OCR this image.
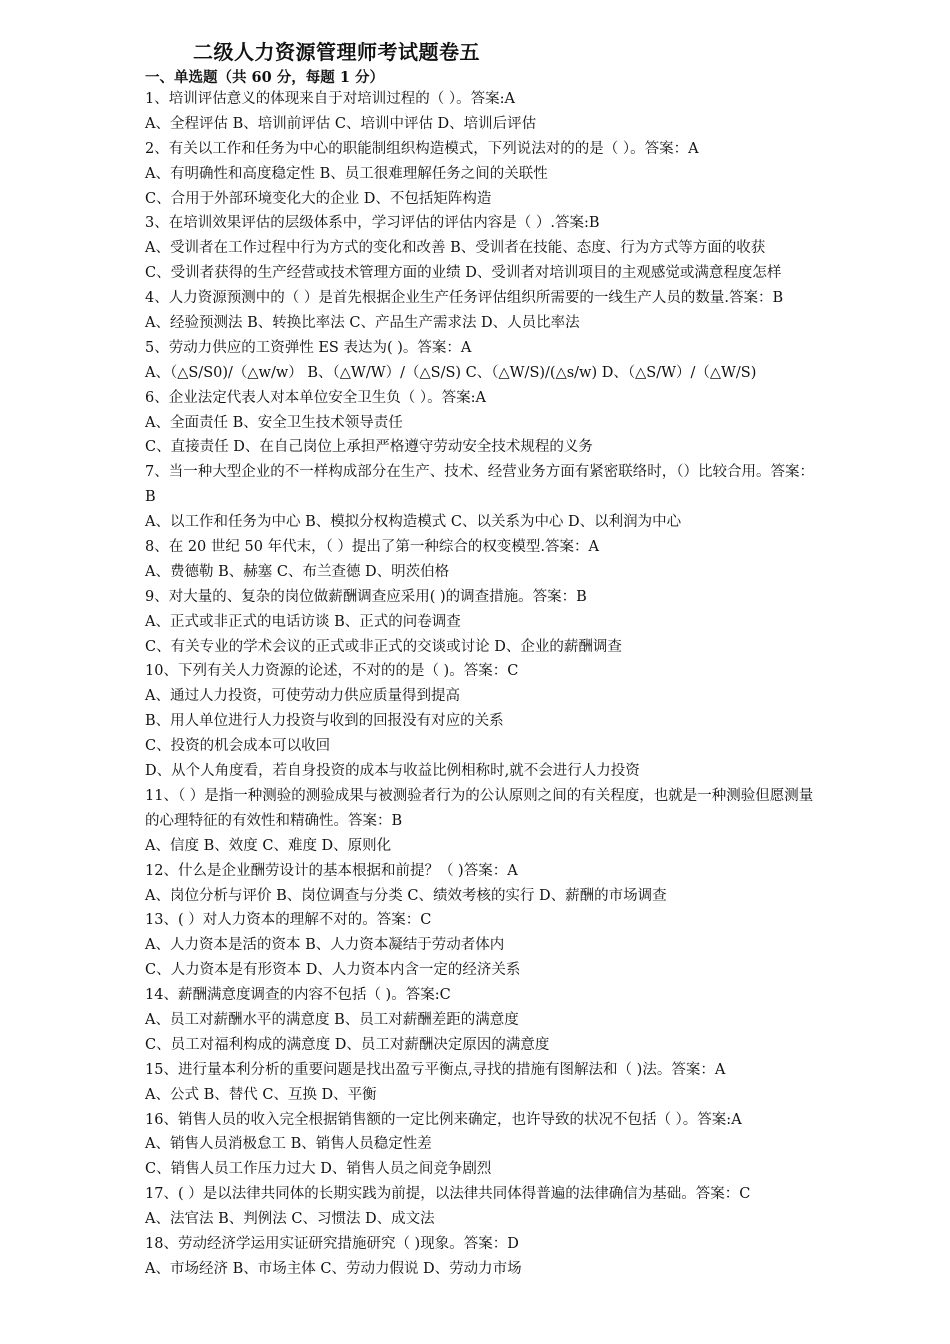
二级人力资源管理师考试题卷五
一、单选题（共 60 分，每题 1 分）
1、培训评估意义的体现来自于对培训过程的（ ）。答案:A
A、全程评估 B、培训前评估 C、培训中评估 D、培训后评估
2、有关以工作和任务为中心的职能制组织构造模式，下列说法对的的是（ ）。答案：A
A、有明确性和高度稳定性 B、员工很难理解任务之间的关联性
C、合用于外部环境变化大的企业 D、不包括矩阵构造
3、在培训效果评估的层级体系中，学习评估的评估内容是（ ）.答案:B
A、受训者在工作过程中行为方式的变化和改善 B、受训者在技能、态度、行为方式等方面的收获
C、受训者获得的生产经营或技术管理方面的业绩 D、受训者对培训项目的主观感觉或满意程度怎样
4、人力资源预测中的（ ）是首先根据企业生产任务评估组织所需要的一线生产人员的数量.答案：B
A、经验预测法 B、转换比率法 C、产品生产需求法 D、人员比率法
5、劳动力供应的工资弹性 ES 表达为( )。答案：A
A、（△S/S0)/（△w/w） B、（△W/W）/（△S/S) C、（△W/S)/(△s/w) D、（△S/W）/（△W/S)
6、企业法定代表人对本单位安全卫生负（ ）。答案:A
A、全面责任 B、安全卫生技术领导责任
C、直接责任 D、在自己岗位上承担严格遵守劳动安全技术规程的义务
7、当一种大型企业的不一样构成部分在生产、技术、经营业务方面有紧密联络时，（）比较合用。答案：
B
A、以工作和任务为中心 B、模拟分权构造模式 C、以关系为中心 D、以利润为中心
8、在 20 世纪 50 年代末，（ ）提出了第一种综合的权变模型.答案：A
A、费德勒 B、赫塞 C、布兰查德 D、明茨伯格
9、对大量的、复杂的岗位做薪酬调查应采用( )的调查措施。答案：B
A、正式或非正式的电话访谈 B、正式的问卷调查
C、有关专业的学术会议的正式或非正式的交谈或讨论 D、企业的薪酬调查
10、下列有关人力资源的论述，不对的的是（ )。答案：C
A、通过人力投资，可使劳动力供应质量得到提高
B、用人单位进行人力投资与收到的回报没有对应的关系
C、投资的机会成本可以收回
D、从个人角度看，若自身投资的成本与收益比例相称时,就不会进行人力投资
11、（ ）是指一种测验的测验成果与被测验者行为的公认原则之间的有关程度，也就是一种测验但愿测量
的心理特征的有效性和精确性。答案：B
A、信度 B、效度 C、难度 D、原则化
12、什么是企业酬劳设计的基本根据和前提？（ )答案：A
A、岗位分析与评价 B、岗位调查与分类 C、绩效考核的实行 D、薪酬的市场调查
13、( ）对人力资本的理解不对的。答案：C
A、人力资本是活的资本 B、人力资本凝结于劳动者体内
C、人力资本是有形资本 D、人力资本内含一定的经济关系
14、薪酬满意度调查的内容不包括（ )。答案:C
A、员工对薪酬水平的满意度 B、员工对薪酬差距的满意度
C、员工对福利构成的满意度 D、员工对薪酬决定原因的满意度
15、进行量本利分析的重要问题是找出盈亏平衡点,寻找的措施有图解法和（ )法。答案：A
A、公式 B、替代 C、互换 D、平衡
16、销售人员的收入完全根据销售额的一定比例来确定，也许导致的状况不包括（ ）。答案:A
A、销售人员消极怠工 B、销售人员稳定性差
C、销售人员工作压力过大 D、销售人员之间竞争剧烈
17、( ）是以法律共同体的长期实践为前提，以法律共同体得普遍的法律确信为基础。答案：C
A、法官法 B、判例法 C、习惯法 D、成文法
18、劳动经济学运用实证研究措施研究（ )现象。答案：D
A、市场经济 B、市场主体 C、劳动力假说 D、劳动力市场
